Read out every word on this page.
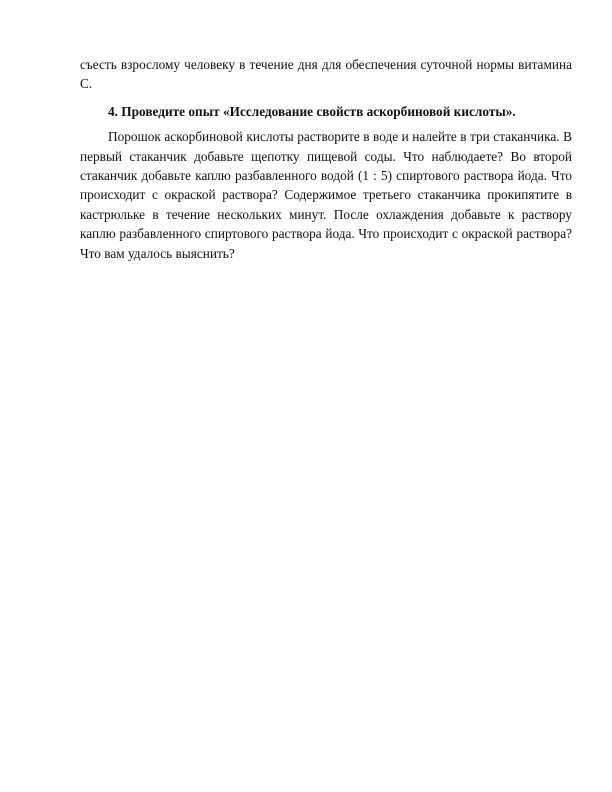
съесть взрослому человеку в течение дня для обеспечения суточной нормы витамина С.

4. Проведите опыт «Исследование свойств аскорбиновой кислоты».

Порошок аскорбиновой кислоты растворите в воде и налейте в три стаканчика. В первый стаканчик добавьте щепотку пищевой соды. Что наблюдаете? Во второй стаканчик добавьте каплю разбавленного водой (1 : 5) спиртового раствора йода. Что происходит с окраской раствора? Содержимое третьего стаканчика прокипятите в кастрюльке в течение нескольких минут. После охлаждения добавьте к раствору каплю разбавленного спиртового раствора йода. Что происходит с окраской раствора? Что вам удалось выяснить?
